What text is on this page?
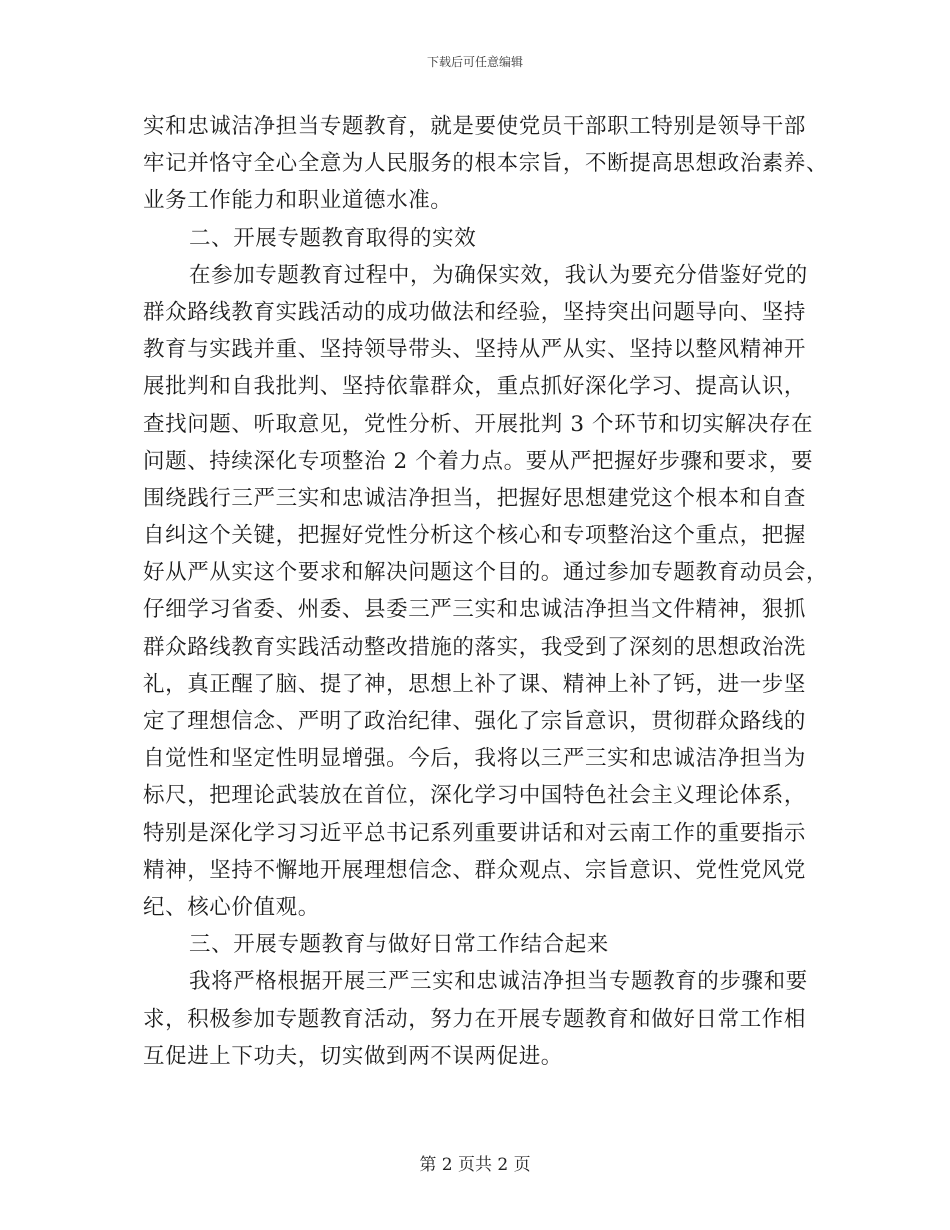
下载后可任意编辑
实和忠诚洁净担当专题教育，就是要使党员干部职工特别是领导干部
牢记并恪守全心全意为人民服务的根本宗旨，不断提高思想政治素养、
业务工作能力和职业道德水准。
二、开展专题教育取得的实效
在参加专题教育过程中，为确保实效，我认为要充分借鉴好党的
群众路线教育实践活动的成功做法和经验，坚持突出问题导向、坚持
教育与实践并重、坚持领导带头、坚持从严从实、坚持以整风精神开
展批判和自我批判、坚持依靠群众，重点抓好深化学习、提高认识，
查找问题、听取意见，党性分析、开展批判 3 个环节和切实解决存在
问题、持续深化专项整治 2 个着力点。要从严把握好步骤和要求，要
围绕践行三严三实和忠诚洁净担当，把握好思想建党这个根本和自查
自纠这个关键，把握好党性分析这个核心和专项整治这个重点，把握
好从严从实这个要求和解决问题这个目的。通过参加专题教育动员会，
仔细学习省委、州委、县委三严三实和忠诚洁净担当文件精神，狠抓
群众路线教育实践活动整改措施的落实，我受到了深刻的思想政治洗
礼，真正醒了脑、提了神，思想上补了课、精神上补了钙，进一步坚
定了理想信念、严明了政治纪律、强化了宗旨意识，贯彻群众路线的
自觉性和坚定性明显增强。今后，我将以三严三实和忠诚洁净担当为
标尺，把理论武装放在首位，深化学习中国特色社会主义理论体系，
特别是深化学习习近平总书记系列重要讲话和对云南工作的重要指示
精神，坚持不懈地开展理想信念、群众观点、宗旨意识、党性党风党
纪、核心价值观。
三、开展专题教育与做好日常工作结合起来
我将严格根据开展三严三实和忠诚洁净担当专题教育的步骤和要
求，积极参加专题教育活动，努力在开展专题教育和做好日常工作相
互促进上下功夫，切实做到两不误两促进。
第 2 页共 2 页
